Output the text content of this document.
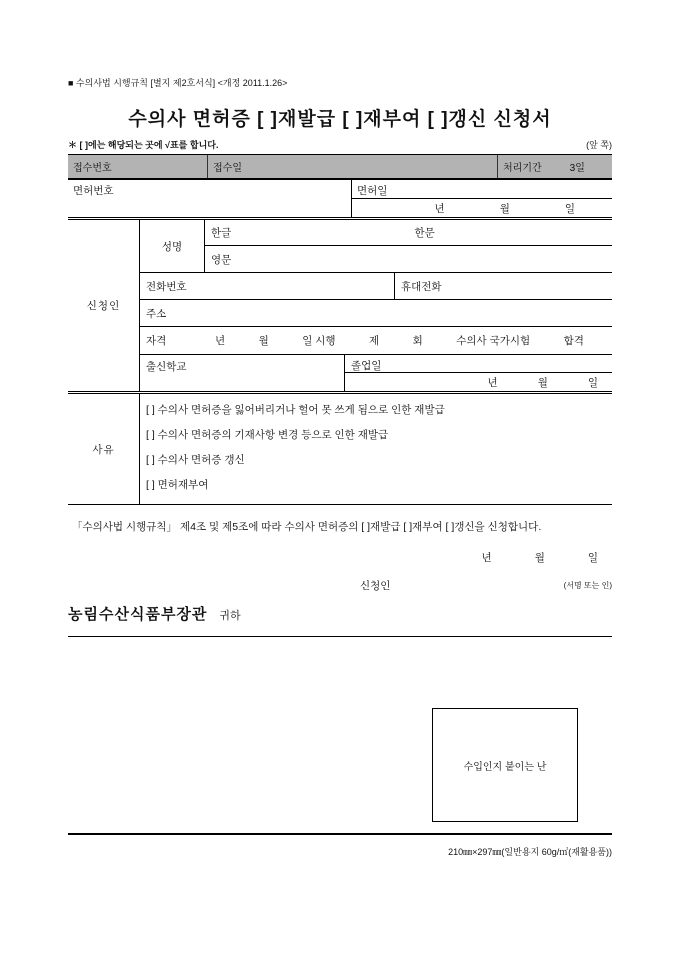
■ 수의사법 시행규칙 [별지 제2호서식] <개정 2011.1.26>
수의사 면허증 [ ]재발급 [ ]재부여 [ ]갱신 신청서
＊ [ ]에는 해당되는 곳에 √표를 합니다.	(앞 쪽)
접수번호	접수일	처리기간	3일
면허번호	면허일
년	월	일
신청인
성명
한글	한문
영문
전화번호	휴대전화
주소
자격	년	월	일 시행	제	회	수의사 국가시험	합격
출신학교	졸업일
년	월	일
사유
[ ] 수의사 면허증을 잃어버리거나 헐어 못 쓰게 됨으로 인한 재발급
[ ] 수의사 면허증의 기재사항 변경 등으로 인한 재발급
[ ] 수의사 면허증 갱신
[ ] 면허재부여
「수의사법 시행규칙」 제4조 및 제5조에 따라 수의사 면허증의 [ ]재발급 [ ]재부여 [ ]갱신을 신청합니다.
년	월	일
신청인	(서명 또는 인)
농림수산식품부장관 귀하
수입인지 붙이는 난
210㎜×297㎜(일반용지 60g/㎡(재활용품))
